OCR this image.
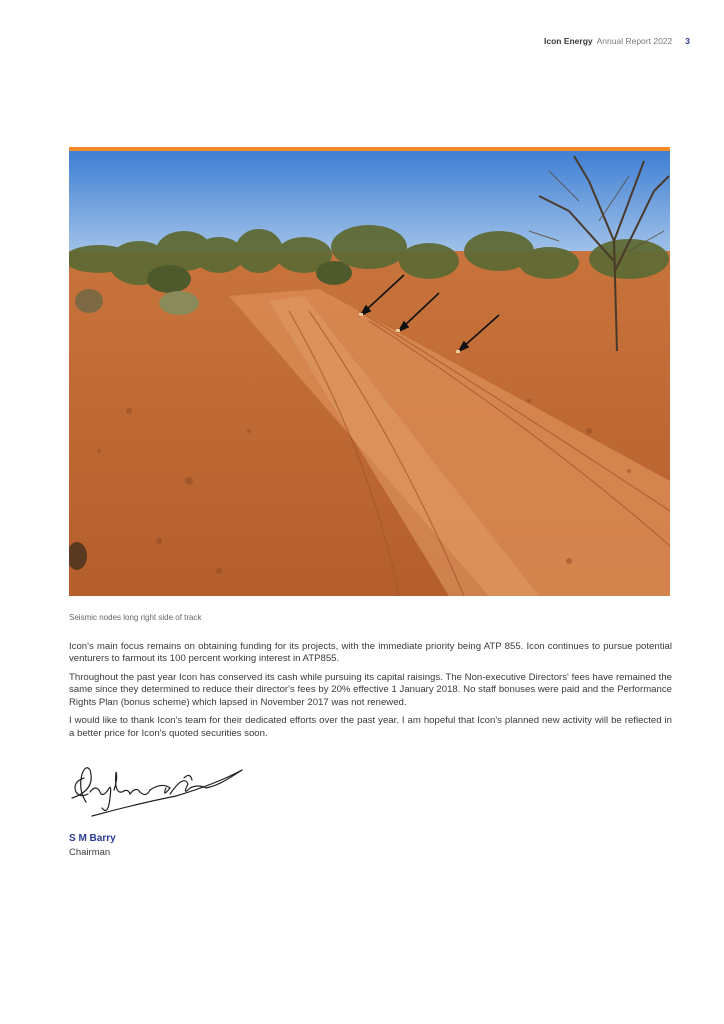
Icon Energy Annual Report 2022 3
Seismic nodes long right side of track

Icon's main focus remains on obtaining funding for its projects, with the immediate priority being ATP 855. Icon continues to pursue potential venturers to farmout its 100 percent working interest in ATP855.

Throughout the past year Icon has conserved its cash while pursuing its capital raisings. The Non-executive Directors' fees have remained the same since they determined to reduce their director's fees by 20% effective 1 January 2018. No staff bonuses were paid and the Performance Rights Plan (bonus scheme) which lapsed in November 2017 was not renewed.

I would like to thank Icon's team for their dedicated efforts over the past year. I am hopeful that Icon's planned new activity will be reflected in a better price for Icon's quoted securities soon.

S M Barry
Chairman
